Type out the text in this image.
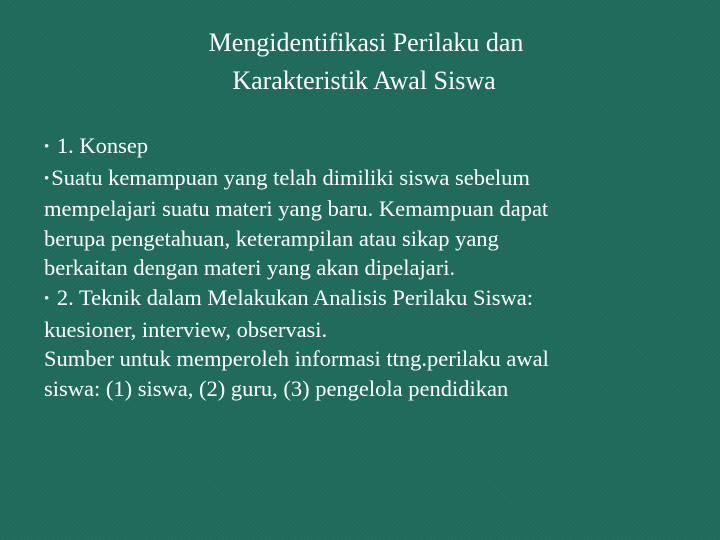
Mengidentifikasi Perilaku dan
Karakteristik Awal Siswa
• 1. Konsep
•Suatu kemampuan yang telah dimiliki siswa sebelum
mempelajari suatu materi yang baru. Kemampuan dapat
berupa pengetahuan, keterampilan atau sikap yang
berkaitan dengan materi yang akan dipelajari.
• 2. Teknik dalam Melakukan Analisis Perilaku Siswa:
kuesioner, interview, observasi.
Sumber untuk memperoleh informasi ttng.perilaku awal
siswa: (1) siswa, (2) guru, (3) pengelola pendidikan
